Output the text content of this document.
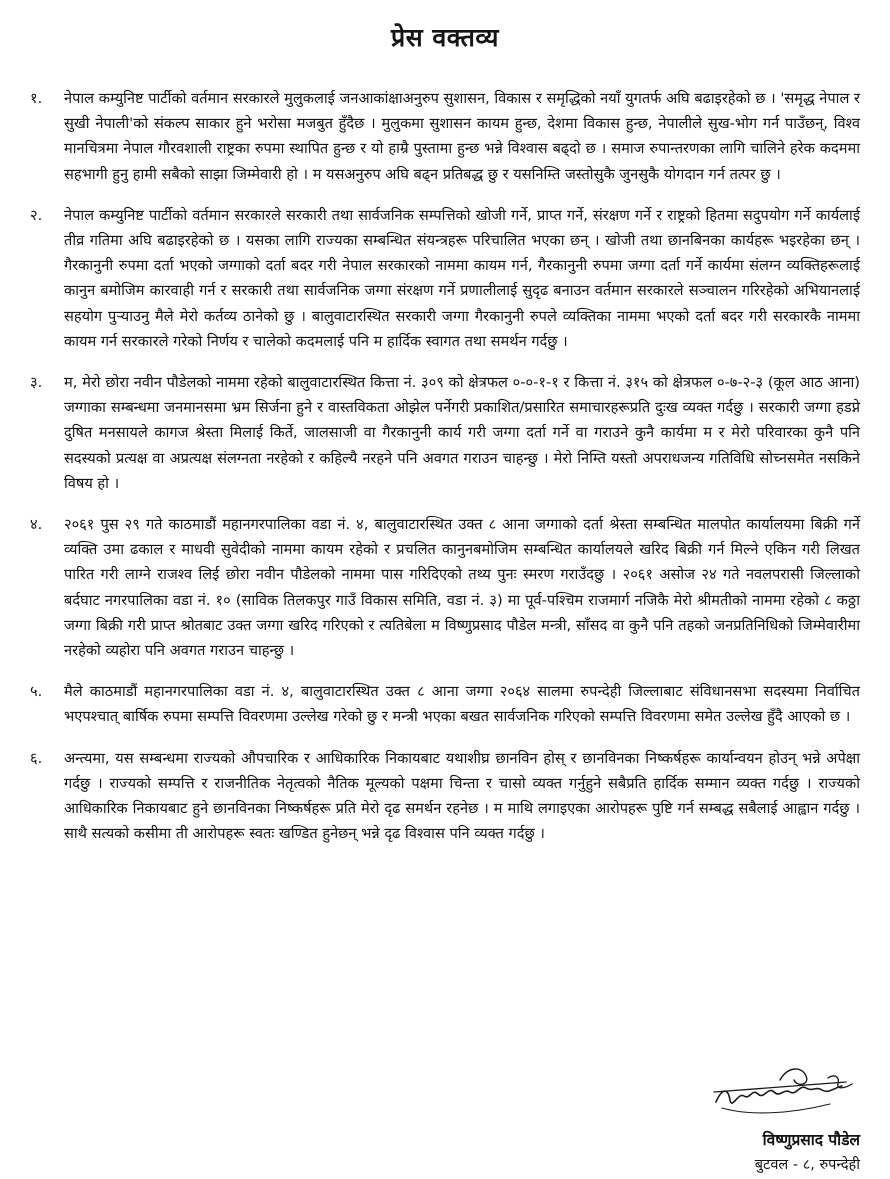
प्रेस वक्तव्य
१. नेपाल कम्युनिष्ट पार्टीको वर्तमान सरकारले मुलुकलाई जनआकांक्षाअनुरुप सुशासन, विकास र समृद्धिको नयाँ युगतर्फ अघि बढाइरहेको छ । 'समृद्ध नेपाल र सुखी नेपाली'को संकल्प साकार हुने भरोसा मजबुत हुँदैछ । मुलुकमा सुशासन कायम हुन्छ, देशमा विकास हुन्छ, नेपालीले सुख-भोग गर्न पाउँछन्, विश्व मानचित्रमा नेपाल गौरवशाली राष्ट्रका रुपमा स्थापित हुन्छ र यो हाम्रै पुस्तामा हुन्छ भन्ने विश्वास बढ्दो छ । समाज रुपान्तरणका लागि चालिने हरेक कदममा सहभागी हुनु हामी सबैको साझा जिम्मेवारी हो । म यसअनुरुप अघि बढ्न प्रतिबद्ध छु र यसनिम्ति जस्तोसुकै जुनसुकै योगदान गर्न तत्पर छु ।
२. नेपाल कम्युनिष्ट पार्टीको वर्तमान सरकारले सरकारी तथा सार्वजनिक सम्पत्तिको खोजी गर्ने, प्राप्त गर्ने, संरक्षण गर्ने र राष्ट्रको हितमा सदुपयोग गर्ने कार्यलाई तीव्र गतिमा अघि बढाइरहेको छ । यसका लागि राज्यका सम्बन्धित संयन्त्रहरू परिचालित भएका छन् । खोजी तथा छानबिनका कार्यहरू भइरहेका छन् । गैरकानुनी रुपमा दर्ता भएको जग्गाको दर्ता बदर गरी नेपाल सरकारको नाममा कायम गर्न, गैरकानुनी रुपमा जग्गा दर्ता गर्ने कार्यमा संलग्न व्यक्तिहरूलाई कानुन बमोजिम कारवाही गर्न र सरकारी तथा सार्वजनिक जग्गा संरक्षण गर्ने प्रणालीलाई सुदृढ बनाउन वर्तमान सरकारले सञ्चालन गरिरहेको अभियानलाई सहयोग पुऱ्याउनु मैले मेरो कर्तव्य ठानेको छु । बालुवाटारस्थित सरकारी जग्गा गैरकानुनी रुपले व्यक्तिका नाममा भएको दर्ता बदर गरी सरकारकै नाममा कायम गर्न सरकारले गरेको निर्णय र चालेको कदमलाई पनि म हार्दिक स्वागत तथा समर्थन गर्दछु ।
३. म, मेरो छोरा नवीन पौडेलको नाममा रहेको बालुवाटारस्थित कित्ता नं. ३०९ को क्षेत्रफल ०-०-१-१ र कित्ता नं. ३१५ को क्षेत्रफल ०-७-२-३ (कूल आठ आना) जग्गाका सम्बन्धमा जनमानसमा भ्रम सिर्जना हुने र वास्तविकता ओझेल पर्नेगरी प्रकाशित/प्रसारित समाचारहरूप्रति दुःख व्यक्त गर्दछु । सरकारी जग्गा हडप्ने दुषित मनसायले कागज श्रेस्ता मिलाई किर्ते, जालसाजी वा गैरकानुनी कार्य गरी जग्गा दर्ता गर्ने वा गराउने कुनै कार्यमा म र मेरो परिवारका कुनै पनि सदस्यको प्रत्यक्ष वा अप्रत्यक्ष संलग्नता नरहेको र कहिल्यै नरहने पनि अवगत गराउन चाहन्छु । मेरो निम्ति यस्तो अपराधजन्य गतिविधि सोच्नसमेत नसकिने विषय हो ।
४. २०६१ पुस २९ गते काठमाडौं महानगरपालिका वडा नं. ४, बालुवाटारस्थित उक्त ८ आना जग्गाको दर्ता श्रेस्ता सम्बन्धित मालपोत कार्यालयमा बिक्री गर्ने व्यक्ति उमा ढकाल र माधवी सुवेदीको नाममा कायम रहेको र प्रचलित कानुनबमोजिम सम्बन्धित कार्यालयले खरिद बिक्री गर्न मिल्ने एकिन गरी लिखत पारित गरी लाग्ने राजश्व लिई छोरा नवीन पौडेलको नाममा पास गरिदिएको तथ्य पुनः स्मरण गराउँदछु । २०६१ असोज २४ गते नवलपरासी जिल्लाको बर्दघाट नगरपालिका वडा नं. १० (साविक तिलकपुर गाउँ विकास समिति, वडा नं. ३) मा पूर्व-पश्चिम राजमार्ग नजिकै मेरो श्रीमतीको नाममा रहेको ८ कठ्ठा जग्गा बिक्री गरी प्राप्त श्रोतबाट उक्त जग्गा खरिद गरिएको र त्यतिबेला म विष्णुप्रसाद पौडेल मन्त्री, साँसद वा कुनै पनि तहको जनप्रतिनिधिको जिम्मेवारीमा नरहेको व्यहोरा पनि अवगत गराउन चाहन्छु ।
५. मैले काठमाडौं महानगरपालिका वडा नं. ४, बालुवाटारस्थित उक्त ८ आना जग्गा २०६४ सालमा रुपन्देही जिल्लाबाट संविधानसभा सदस्यमा निर्वाचित भएपश्चात् बार्षिक रुपमा सम्पत्ति विवरणमा उल्लेख गरेको छु र मन्त्री भएका बखत सार्वजनिक गरिएको सम्पत्ति विवरणमा समेत उल्लेख हुँदै आएको छ ।
६. अन्त्यमा, यस सम्बन्धमा राज्यको औपचारिक र आधिकारिक निकायबाट यथाशीघ्र छानविन होस् र छानविनका निष्कर्षहरू कार्यान्वयन होउन् भन्ने अपेक्षा गर्दछु । राज्यको सम्पत्ति र राजनीतिक नेतृत्वको नैतिक मूल्यको पक्षमा चिन्ता र चासो व्यक्त गर्नुहुने सबैप्रति हार्दिक सम्मान व्यक्त गर्दछु । राज्यको आधिकारिक निकायबाट हुने छानविनका निष्कर्षहरू प्रति मेरो दृढ समर्थन रहनेछ । म माथि लगाइएका आरोपहरू पुष्टि गर्न सम्बद्ध सबैलाई आह्वान गर्दछु । साथै सत्यको कसीमा ती आरोपहरू स्वतः खण्डित हुनेछन् भन्ने दृढ विश्वास पनि व्यक्त गर्दछु ।
विष्णुप्रसाद पौडेल
बुटवल - ८, रुपन्देही
